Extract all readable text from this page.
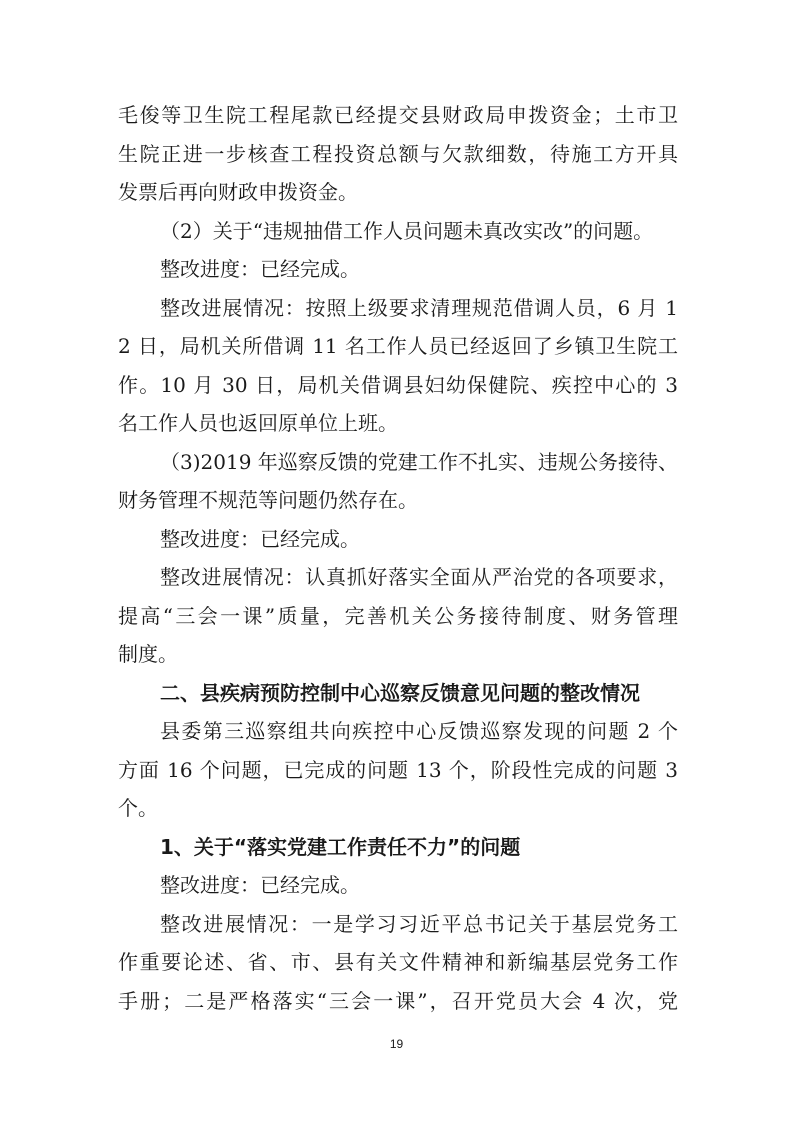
毛俊等卫生院工程尾款已经提交县财政局申拨资金；土市卫
生院正进一步核查工程投资总额与欠款细数，待施工方开具
发票后再向财政申拨资金。
（2）关于“违规抽借工作人员问题未真改实改”的问题。
整改进度：已经完成。
整改进展情况：按照上级要求清理规范借调人员，6 月 1
2 日，局机关所借调 11 名工作人员已经返回了乡镇卫生院工
作。10 月 30 日，局机关借调县妇幼保健院、疾控中心的 3
名工作人员也返回原单位上班。
（3)2019 年巡察反馈的党建工作不扎实、违规公务接待、
财务管理不规范等问题仍然存在。
整改进度：已经完成。
整改进展情况：认真抓好落实全面从严治党的各项要求，
提高“三会一课”质量，完善机关公务接待制度、财务管理
制度。
二、县疾病预防控制中心巡察反馈意见问题的整改情况
县委第三巡察组共向疾控中心反馈巡察发现的问题 2 个
方面 16 个问题，已完成的问题 13 个，阶段性完成的问题 3
个。
1、关于“落实党建工作责任不力”的问题
整改进度：已经完成。
整改进展情况：一是学习习近平总书记关于基层党务工
19
作重要论述、省、市、县有关文件精神和新编基层党务工作
手册；二是严格落实“三会一课”，召开党员大会 4 次，党
